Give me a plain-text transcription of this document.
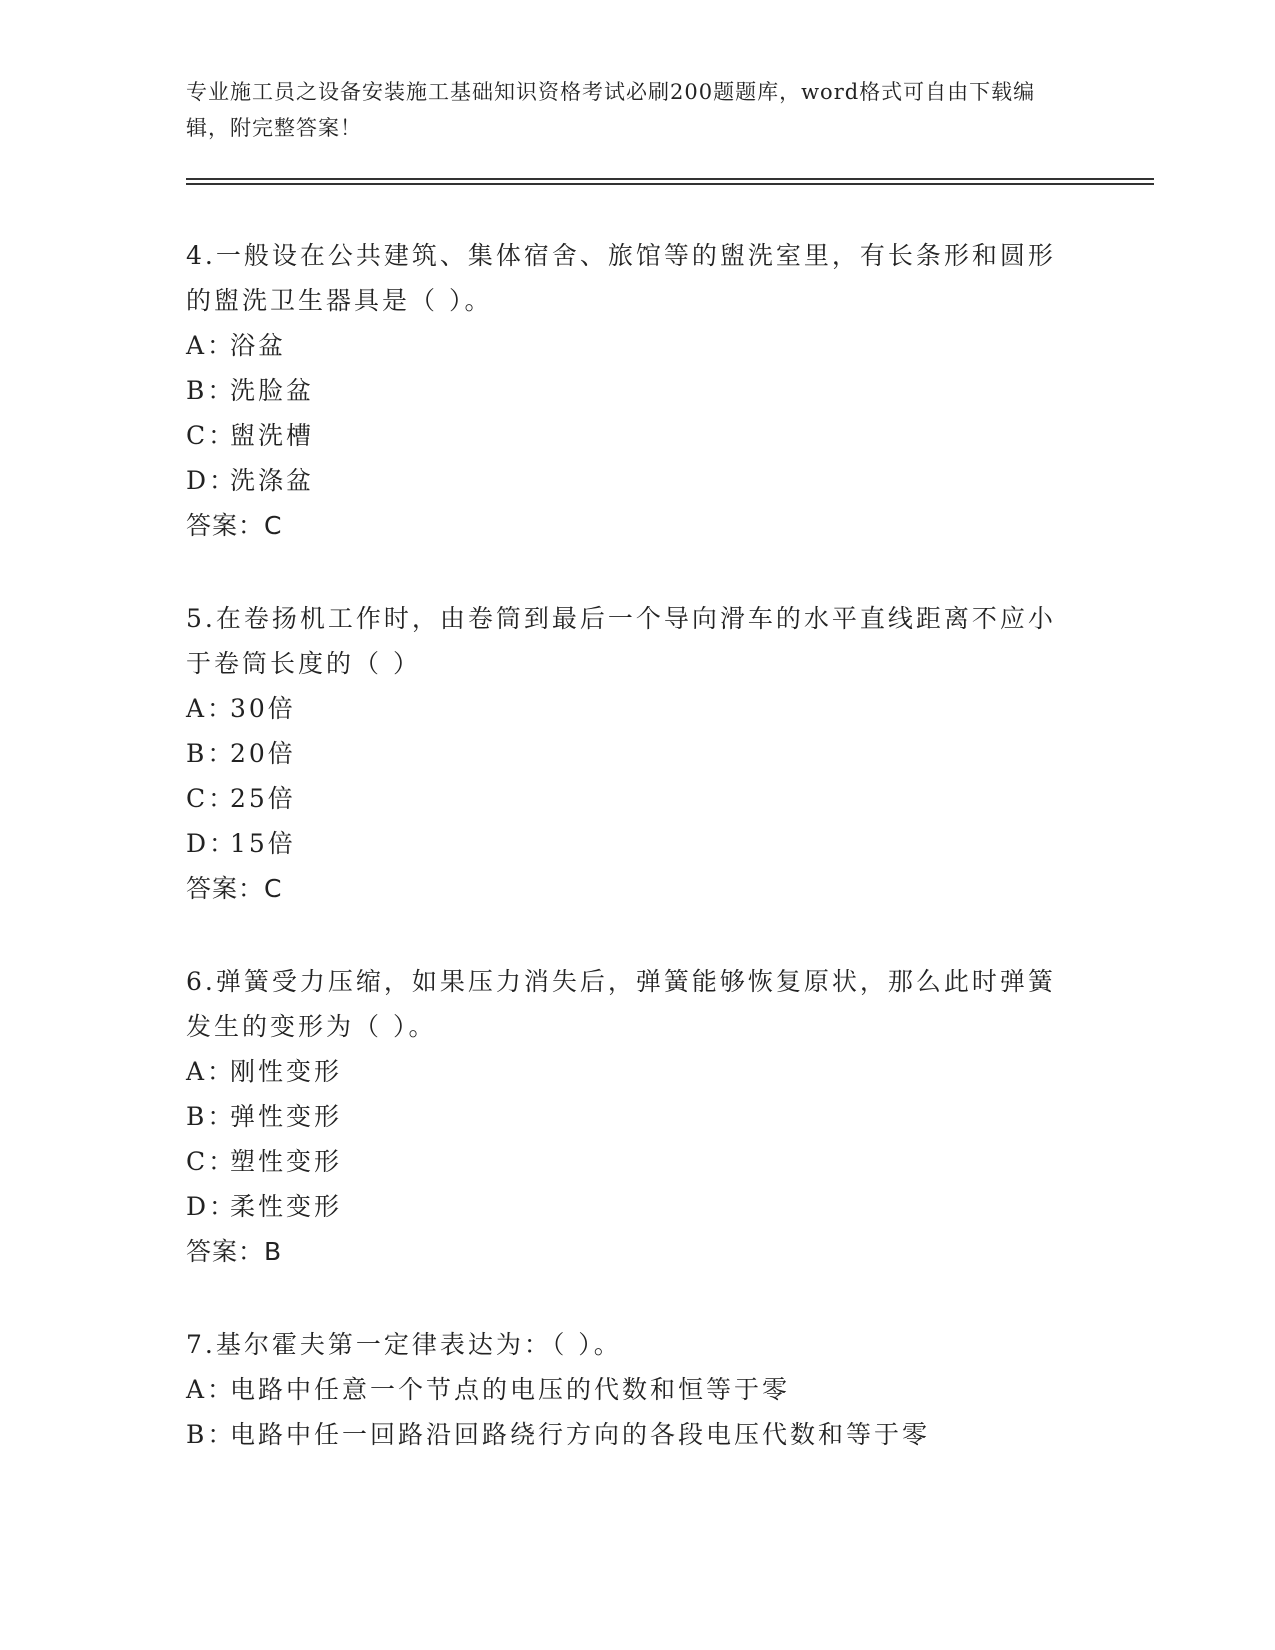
专业施工员之设备安装施工基础知识资格考试必刷200题题库，word格式可自由下载编辑，附完整答案！

4.一般设在公共建筑、集体宿舍、旅馆等的盥洗室里，有长条形和圆形的盥洗卫生器具是（ ）。

A：浴盆

B：洗脸盆

C：盥洗槽

D：洗涤盆

答案：C

5.在卷扬机工作时，由卷筒到最后一个导向滑车的水平直线距离不应小于卷筒长度的（ ）

A：30倍

B：20倍

C：25倍

D：15倍

答案：C

6.弹簧受力压缩，如果压力消失后，弹簧能够恢复原状，那么此时弹簧发生的变形为（ ）。

A：刚性变形

B：弹性变形

C：塑性变形

D：柔性变形

答案：B

7.基尔霍夫第一定律表达为：（ ）。

A：电路中任意一个节点的电压的代数和恒等于零

B：电路中任一回路沿回路绕行方向的各段电压代数和等于零
